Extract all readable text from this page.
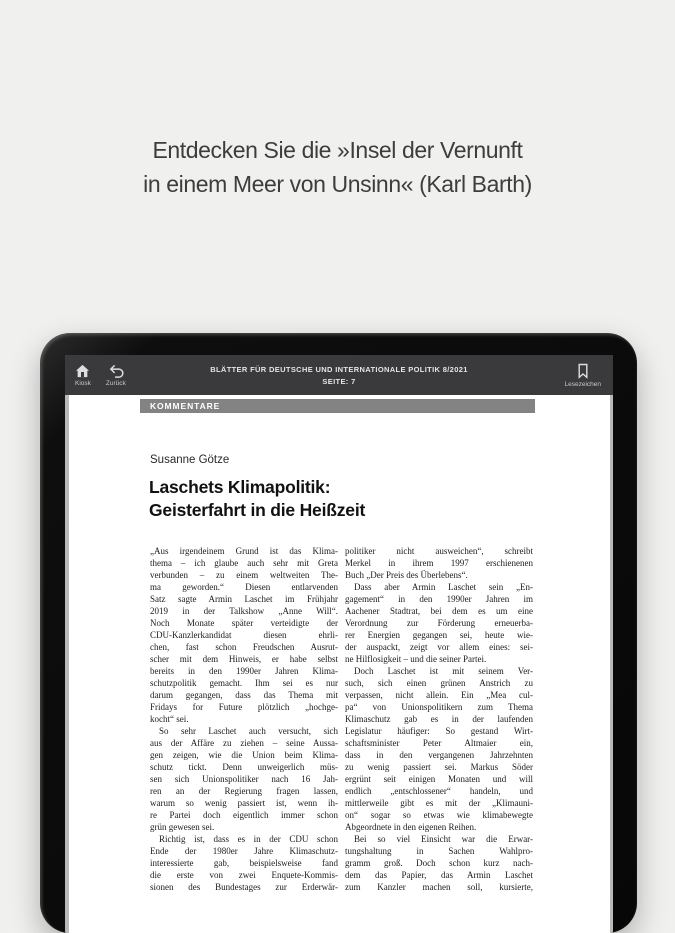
Entdecken Sie die »Insel der Vernunft
in einem Meer von Unsinn« (Karl Barth)
Kiosk Zurück
BLÄTTER FÜR DEUTSCHE UND INTERNATIONALE POLITIK 8/2021
SEITE: 7	Lesezeichen
KOMMENTARE
Susanne Götze
Laschets Klimapolitik:
Geisterfahrt in die Heißzeit
„Aus irgendeinem Grund ist das Klima-
thema – ich glaube auch sehr mit Greta
verbunden – zu einem weltweiten The-
ma geworden.“ Diesen entlarvenden
Satz sagte Armin Laschet im Frühjahr
2019 in der Talkshow „Anne Will“.
Noch Monate später verteidigte der
CDU-Kanzlerkandidat diesen ehrli-
chen, fast schon Freudschen Ausrut-
scher mit dem Hinweis, er habe selbst
bereits in den 1990er Jahren Klima-
schutzpolitik gemacht. Ihm sei es nur
darum gegangen, dass das Thema mit
Fridays for Future plötzlich „hochge-
kocht“ sei.
So sehr Laschet auch versucht, sich
aus der Affäre zu ziehen – seine Aussa-
gen zeigen, wie die Union beim Klima-
schutz tickt. Denn unweigerlich müs-
sen sich Unionspolitiker nach 16 Jah-
ren an der Regierung fragen lassen,
warum so wenig passiert ist, wenn ih-
re Partei doch eigentlich immer schon
grün gewesen sei.
Richtig ist, dass es in der CDU schon
Ende der 1980er Jahre Klimaschutz-
interessierte gab, beispielsweise fand
die erste von zwei Enquete-Kommis-
sionen des Bundestages zur Erderwär-
politiker nicht ausweichen“, schreibt
Merkel in ihrem 1997 erschienenen
Buch „Der Preis des Überlebens“.
Dass aber Armin Laschet sein „En-
gagement“ in den 1990er Jahren im
Aachener Stadtrat, bei dem es um eine
Verordnung zur Förderung erneuerba-
rer Energien gegangen sei, heute wie-
der auspackt, zeigt vor allem eines: sei-
ne Hilflosigkeit – und die seiner Partei.
Doch Laschet ist mit seinem Ver-
such, sich einen grünen Anstrich zu
verpassen, nicht allein. Ein „Mea cul-
pa“ von Unionspolitikern zum Thema
Klimaschutz gab es in der laufenden
Legislatur häufiger: So gestand Wirt-
schaftsminister Peter Altmaier ein,
dass in den vergangenen Jahrzehnten
zu wenig passiert sei. Markus Söder
ergrünt seit einigen Monaten und will
endlich „entschlossener“ handeln, und
mittlerweile gibt es mit der „Klimauni-
on“ sogar so etwas wie klimabewegte
Abgeordnete in den eigenen Reihen.
Bei so viel Einsicht war die Erwar-
tungshaltung in Sachen Wahlpro-
gramm groß. Doch schon kurz nach-
dem das Papier, das Armin Laschet
zum Kanzler machen soll, kursierte,
